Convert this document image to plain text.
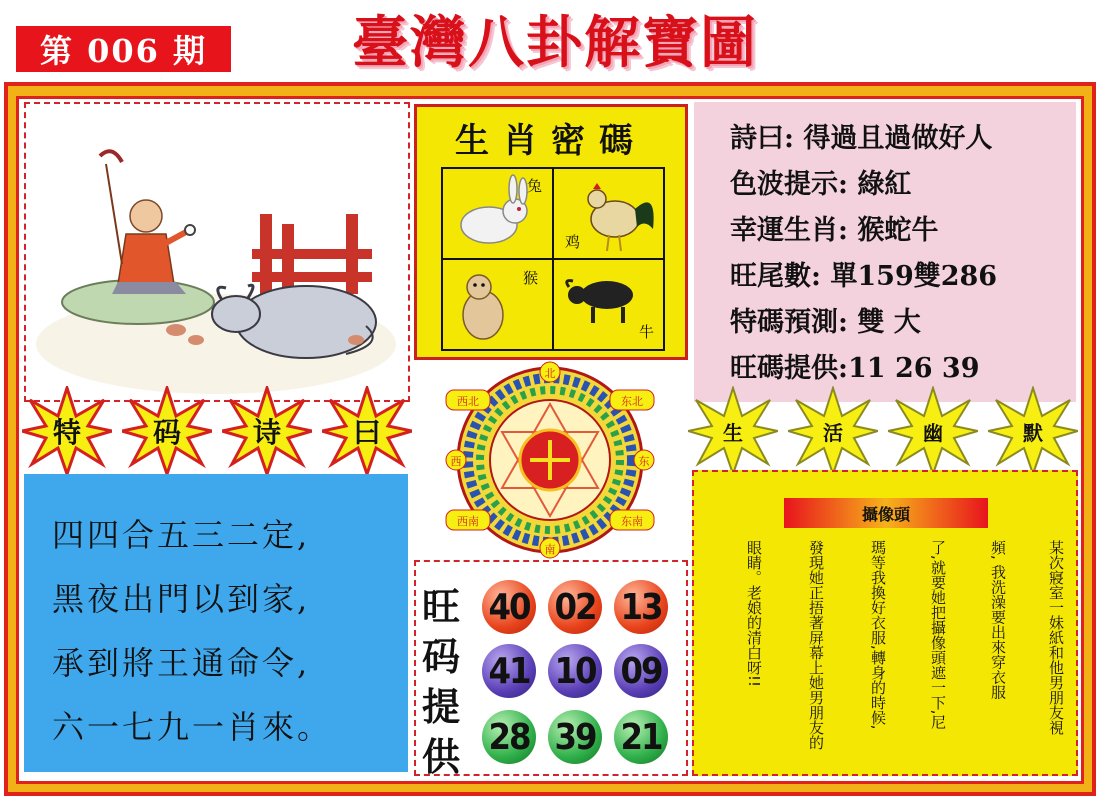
第 006 期	臺灣八卦解寶圖
生肖密碼
兔
鸡
猴
牛
詩曰: 得過且過做好人
色波提示: 綠紅
幸運生肖: 猴蛇牛
旺尾數: 單159雙286
特碼預測: 雙 大
旺碼提供:11 26 39
特	码	诗	曰	生	活	幽	默
四四合五三二定,
黑夜出門以到家,
承到將王通命令,
六一七九一肖來。
北
东
南
西
西北	东北
西南	东南
旺
码
提
供
40 02 13
41 10 09
28 39 21
攝像頭
某次寢室一妹紙和他男朋友視
頻, 我洗澡要出來穿衣服
了,就要她把攝像頭遮一下,尼
瑪等我換好衣服,轉身的時候,
發現她正捂著屏幕上她男朋友的
眼睛。老娘的清白呀!!
